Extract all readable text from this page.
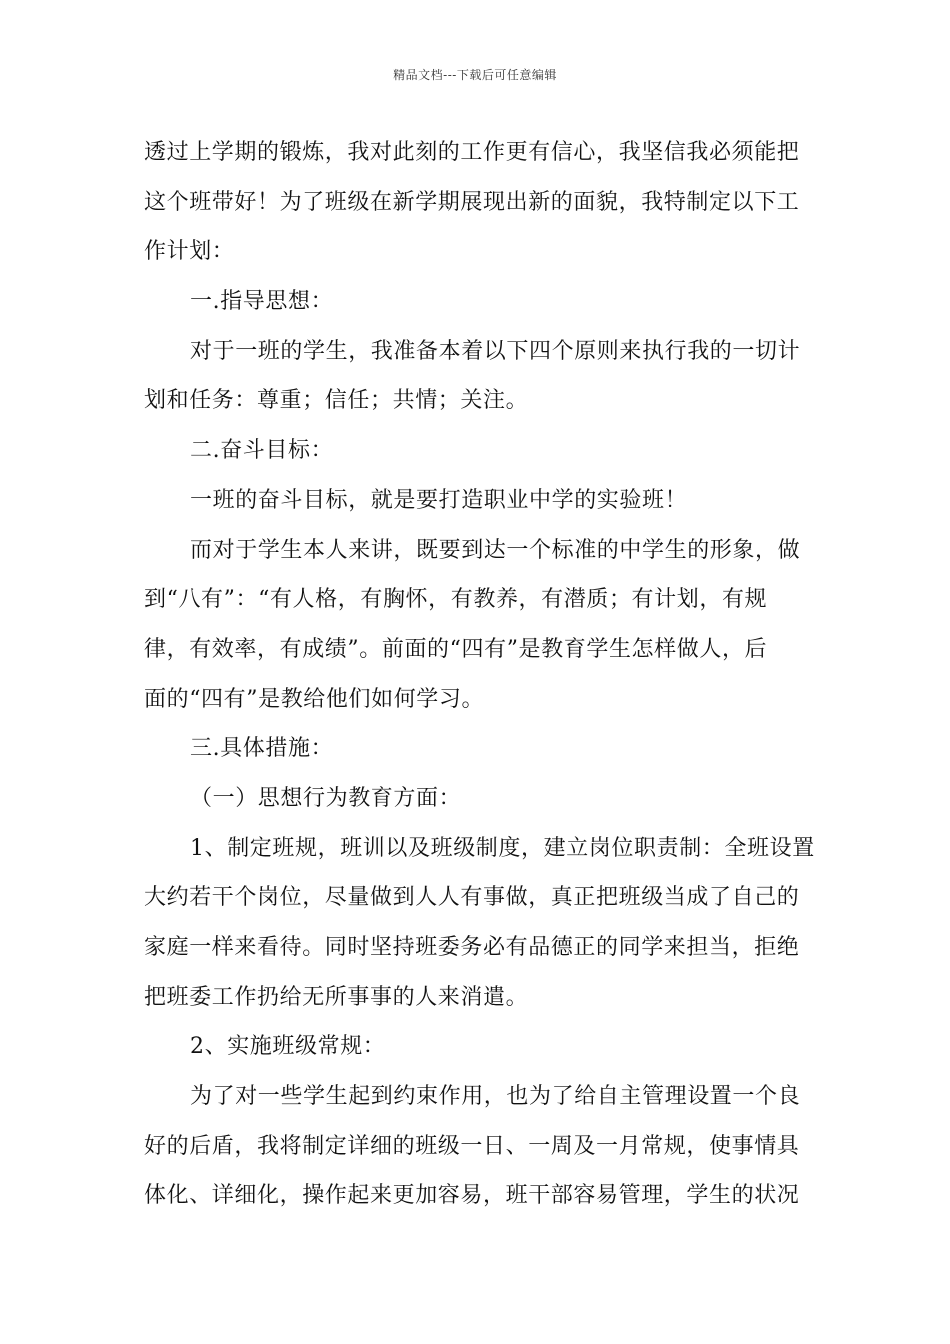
精品文档---下载后可任意编辑
透过上学期的锻炼，我对此刻的工作更有信心，我坚信我必须能把
这个班带好！为了班级在新学期展现出新的面貌，我特制定以下工
作计划：
一.指导思想：
对于一班的学生，我准备本着以下四个原则来执行我的一切计
划和任务：尊重；信任；共情；关注。
二.奋斗目标：
一班的奋斗目标，就是要打造职业中学的实验班！
而对于学生本人来讲，既要到达一个标准的中学生的形象，做
到“八有”：“有人格，有胸怀，有教养，有潜质；有计划，有规
律，有效率，有成绩”。前面的“四有”是教育学生怎样做人，后
面的“四有”是教给他们如何学习。
三.具体措施：
（一）思想行为教育方面：
1、制定班规，班训以及班级制度，建立岗位职责制：全班设置
大约若干个岗位，尽量做到人人有事做，真正把班级当成了自己的
家庭一样来看待。同时坚持班委务必有品德正的同学来担当，拒绝
把班委工作扔给无所事事的人来消遣。
2、实施班级常规：
为了对一些学生起到约束作用，也为了给自主管理设置一个良
好的后盾，我将制定详细的班级一日、一周及一月常规，使事情具
体化、详细化，操作起来更加容易，班干部容易管理，学生的状况
